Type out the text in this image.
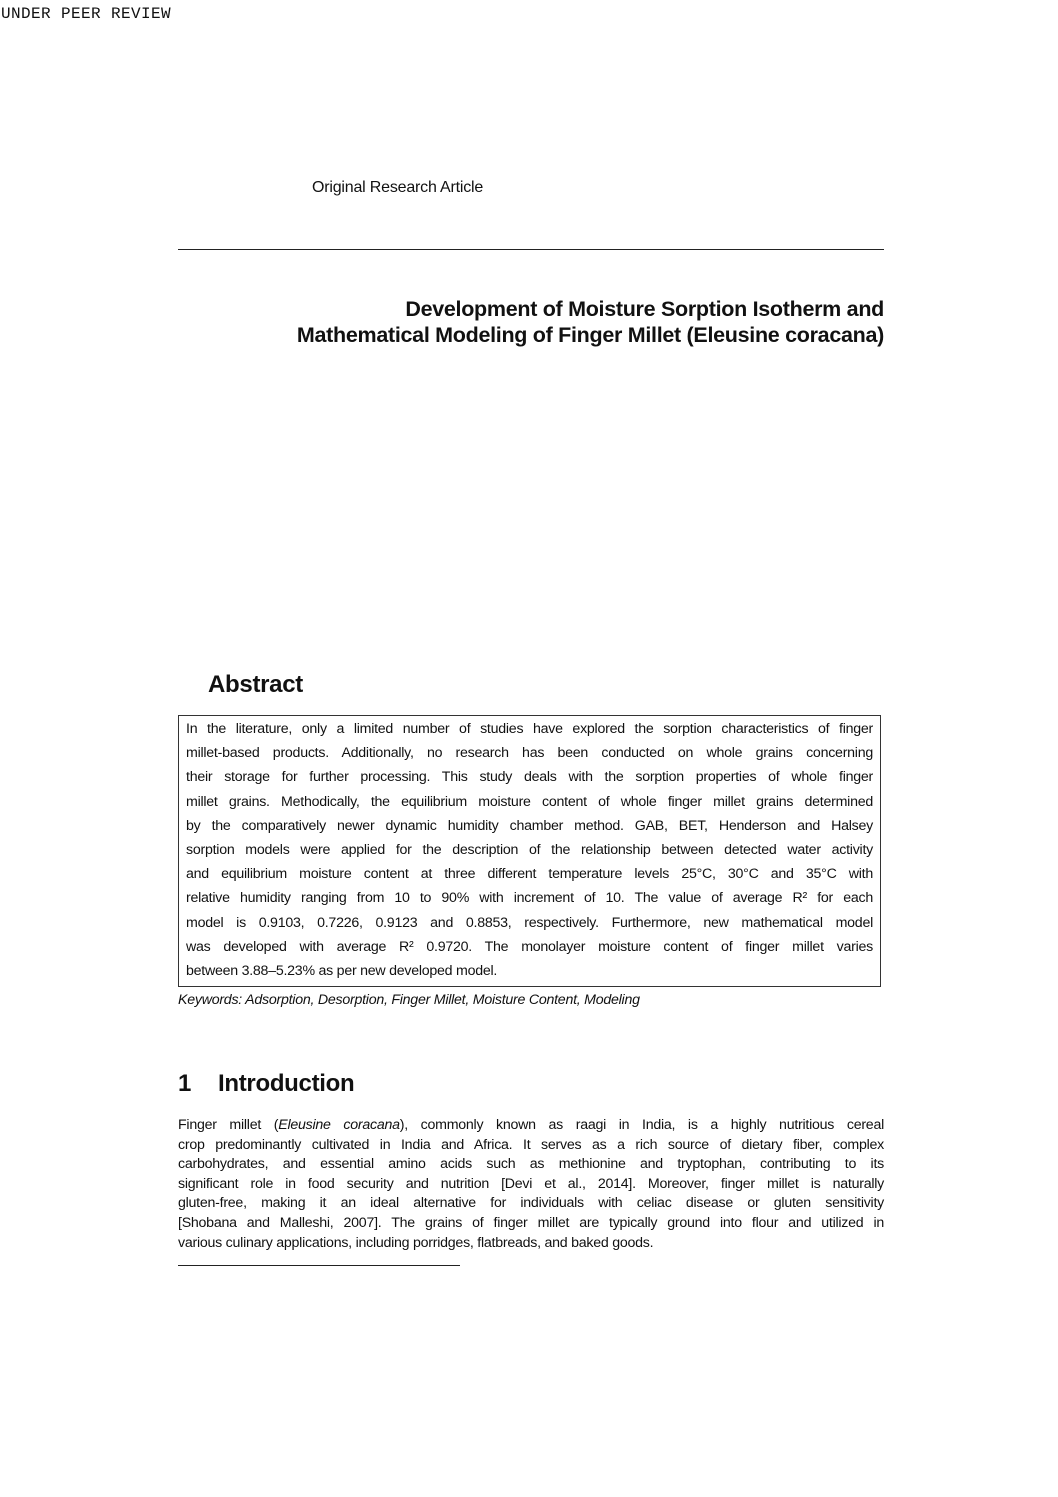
UNDER PEER REVIEW
Original Research Article
Development of Moisture Sorption Isotherm and
Mathematical Modeling of Finger Millet (Eleusine coracana)
Abstract
In the literature, only a limited number of studies have explored the sorption characteristics of finger
millet-based products. Additionally, no research has been conducted on whole grains concerning
their storage for further processing. This study deals with the sorption properties of whole finger
millet grains. Methodically, the equilibrium moisture content of whole finger millet grains determined
by the comparatively newer dynamic humidity chamber method. GAB, BET, Henderson and Halsey
sorption models were applied for the description of the relationship between detected water activity
and equilibrium moisture content at three different temperature levels 25°C, 30°C and 35°C with
relative humidity ranging from 10 to 90% with increment of 10. The value of average R² for each
model is 0.9103, 0.7226, 0.9123 and 0.8853, respectively. Furthermore, new mathematical model
was developed with average R² 0.9720. The monolayer moisture content of finger millet varies
between 3.88–5.23% as per new developed model.
Keywords: Adsorption, Desorption, Finger Millet, Moisture Content, Modeling
1 Introduction
Finger millet (Eleusine coracana), commonly known as raagi in India, is a highly nutritious cereal
crop predominantly cultivated in India and Africa. It serves as a rich source of dietary fiber, complex
carbohydrates, and essential amino acids such as methionine and tryptophan, contributing to its
significant role in food security and nutrition [Devi et al., 2014]. Moreover, finger millet is naturally
gluten-free, making it an ideal alternative for individuals with celiac disease or gluten sensitivity
[Shobana and Malleshi, 2007]. The grains of finger millet are typically ground into flour and utilized in
various culinary applications, including porridges, flatbreads, and baked goods.
